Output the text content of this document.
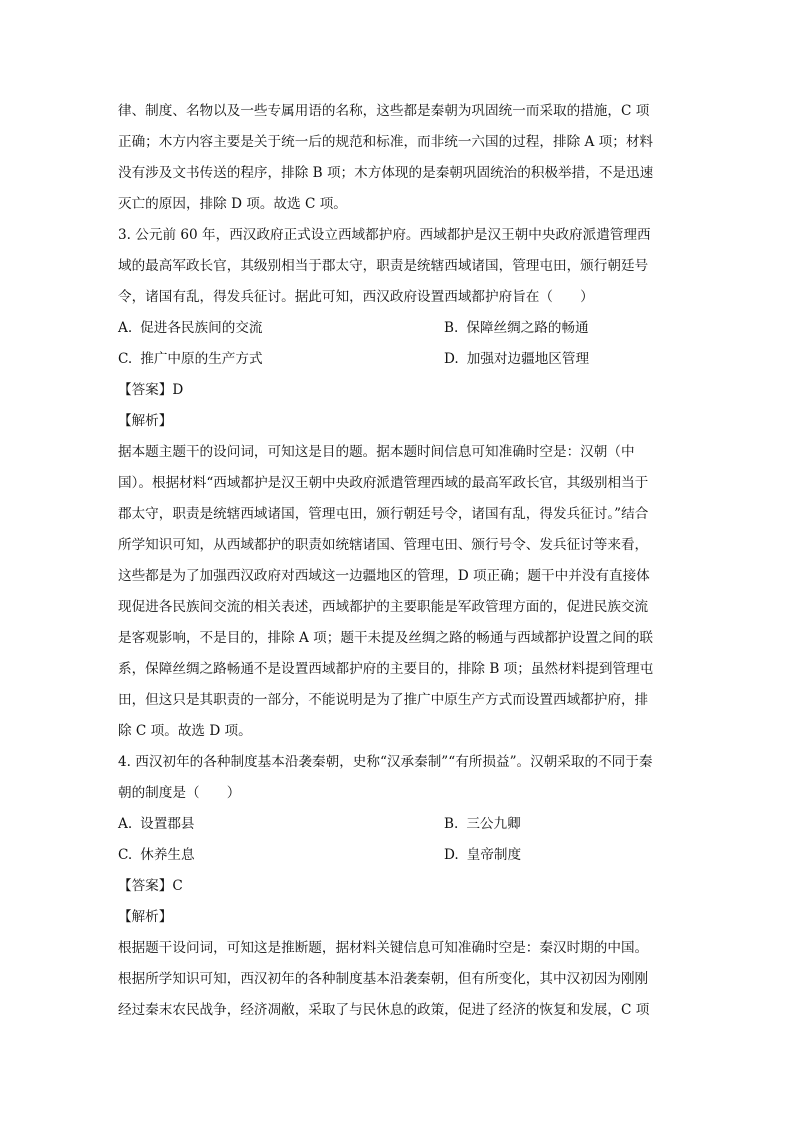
律、制度、名物以及一些专属用语的名称，这些都是秦朝为巩固统一而采取的措施，C 项
正确；木方内容主要是关于统一后的规范和标准，而非统一六国的过程，排除 A 项；材料
没有涉及文书传送的程序，排除 B 项；木方体现的是秦朝巩固统治的积极举措，不是迅速
灭亡的原因，排除 D 项。故选 C 项。
3. 公元前 60 年，西汉政府正式设立西域都护府。西域都护是汉王朝中央政府派遣管理西
域的最高军政长官，其级别相当于郡太守，职责是统辖西域诸国，管理屯田，颁行朝廷号
令，诸国有乱，得发兵征讨。据此可知，西汉政府设置西域都护府旨在（　　）
A. 促进各民族间的交流	B. 保障丝绸之路的畅通
C. 推广中原的生产方式	D. 加强对边疆地区管理
【答案】D
【解析】
据本题主题干的设问词，可知这是目的题。据本题时间信息可知准确时空是：汉朝（中
国）。根据材料“西域都护是汉王朝中央政府派遣管理西域的最高军政长官，其级别相当于
郡太守，职责是统辖西域诸国，管理屯田，颁行朝廷号令，诸国有乱，得发兵征讨。”结合
所学知识可知，从西域都护的职责如统辖诸国、管理屯田、颁行号令、发兵征讨等来看，
这些都是为了加强西汉政府对西域这一边疆地区的管理，D 项正确；题干中并没有直接体
现促进各民族间交流的相关表述，西域都护的主要职能是军政管理方面的，促进民族交流
是客观影响，不是目的，排除 A 项；题干未提及丝绸之路的畅通与西域都护设置之间的联
系，保障丝绸之路畅通不是设置西域都护府的主要目的，排除 B 项；虽然材料提到管理屯
田，但这只是其职责的一部分，不能说明是为了推广中原生产方式而设置西域都护府，排
除 C 项。故选 D 项。
4. 西汉初年的各种制度基本沿袭秦朝，史称“汉承秦制”“有所损益”。汉朝采取的不同于秦
朝的制度是（　　）
A. 设置郡县	B. 三公九卿
C. 休养生息	D. 皇帝制度
【答案】C
【解析】
根据题干设问词，可知这是推断题，据材料关键信息可知准确时空是：秦汉时期的中国。
根据所学知识可知，西汉初年的各种制度基本沿袭秦朝，但有所变化，其中汉初因为刚刚
经过秦末农民战争，经济凋敝，采取了与民休息的政策，促进了经济的恢复和发展，C 项
